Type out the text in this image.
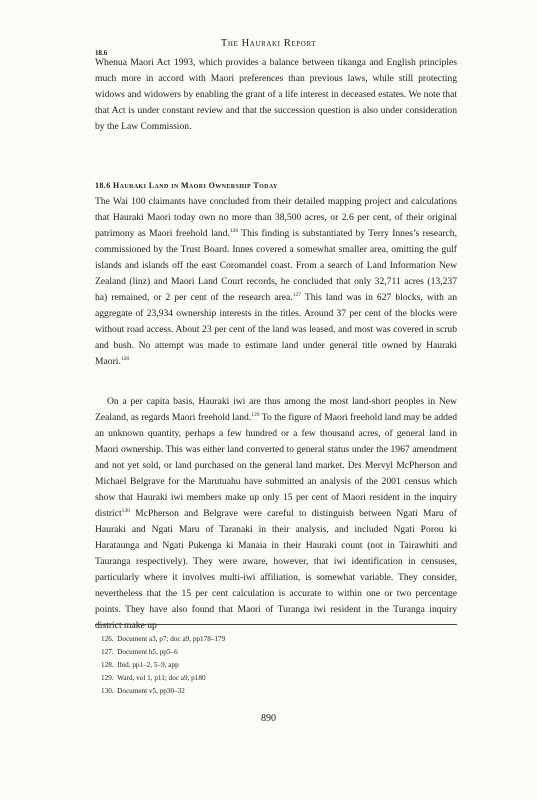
The Hauraki Report
18.6

Whenua Maori Act 1993, which provides a balance between tikanga and English principles much more in accord with Maori preferences than previous laws, while still protecting widows and widowers by enabling the grant of a life interest in deceased estates. We note that that Act is under constant review and that the succession question is also under consideration by the Law Commission.

18.6 Hauraki Land in Maori Ownership Today

The Wai 100 claimants have concluded from their detailed mapping project and calculations that Hauraki Maori today own no more than 38,500 acres, or 2.6 per cent, of their original patrimony as Maori freehold land.$^{126}$ This finding is substantiated by Terry Innes’s research, commissioned by the Trust Board. Innes covered a somewhat smaller area, omitting the gulf islands and islands off the east Coromandel coast. From a search of Land Information New Zealand (linz) and Maori Land Court records, he concluded that only 32,711 acres (13,237 ha) remained, or 2 per cent of the research area.$^{127}$ This land was in 627 blocks, with an aggregate of 23,934 ownership interests in the titles. Around 37 per cent of the blocks were without road access. About 23 per cent of the land was leased, and most was covered in scrub and bush. No attempt was made to estimate land under general title owned by Hauraki Maori.$^{128}$

On a per capita basis, Hauraki iwi are thus among the most land-short peoples in New Zealand, as regards Maori freehold land.$^{129}$ To the figure of Maori freehold land may be added an unknown quantity, perhaps a few hundred or a few thousand acres, of general land in Maori ownership. This was either land converted to general status under the 1967 amendment and not yet sold, or land purchased on the general land market. Drs Mervyl McPherson and Michael Belgrave for the Marutuahu have submitted an analysis of the 2001 census which show that Hauraki iwi members make up only 15 per cent of Maori resident in the inquiry district$^{130}$ McPherson and Belgrave were careful to distinguish between Ngati Maru of Hauraki and Ngati Maru of Taranaki in their analysis, and included Ngati Porou ki Harataunga and Ngati Pukenga ki Manaia in their Hauraki count (not in Tairawhiti and Tauranga respectively). They were aware, however, that iwi identification in censuses, particularly where it involves multi-iwi affiliation, is somewhat variable. They consider, nevertheless that the 15 per cent calculation is accurate to within one or two percentage points. They have also found that Maori of Turanga iwi resident in the Turanga inquiry district make up

126. Document a3, p7; doc a9, pp178–179
127. Document h5, pp5–6
128. Ibid, pp1–2, 5–9, app
129. Ward, vol 1, p11; doc a9, p180
130. Document v5, pp30–32
890
